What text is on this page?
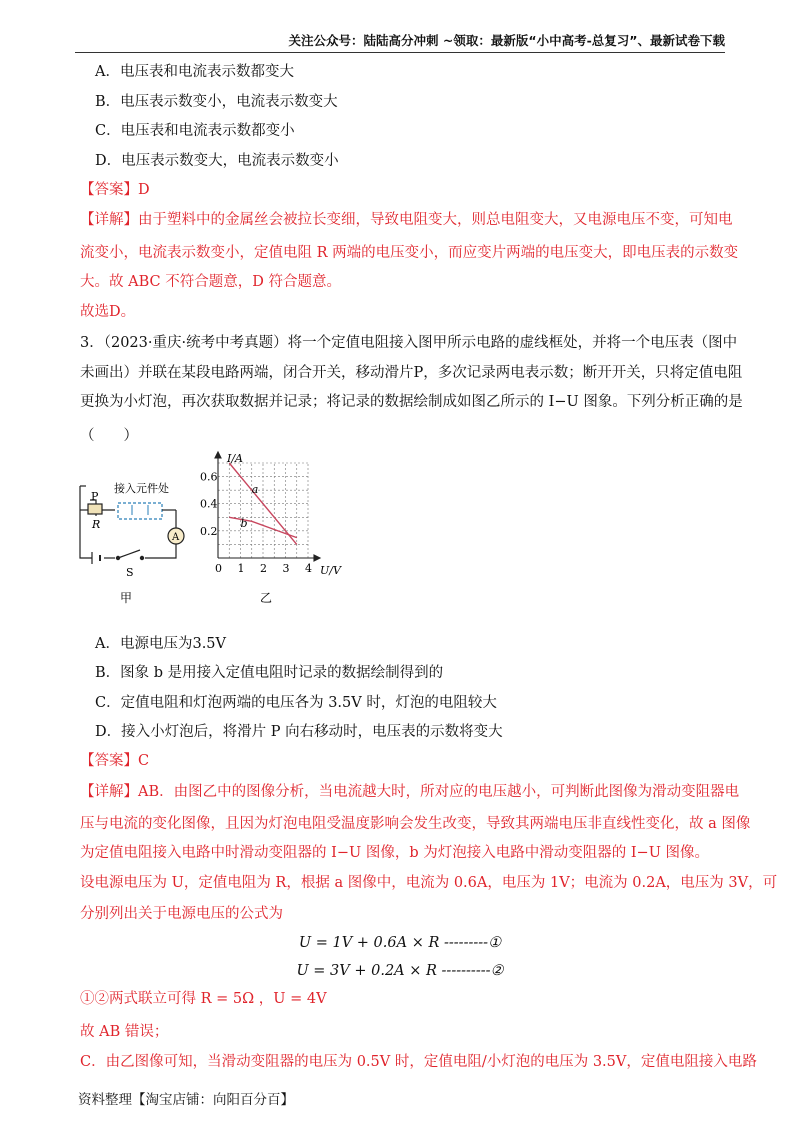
关注公众号：陆陆高分冲刺 ~领取：最新版“小中高考-总复习”、最新试卷下载
A．电压表和电流表示数都变大
B．电压表示数变小，电流表示数变大
C．电压表和电流表示数都变小
D．电压表示数变大，电流表示数变小
【答案】D
【详解】由于塑料中的金属丝会被拉长变细，导致电阻变大，则总电阻变大，又电源电压不变，可知电
流变小，电流表示数变小，定值电阻 R 两端的电压变小，而应变片两端的电压变大，即电压表的示数变
大。故 ABC 不符合题意，D 符合题意。
故选D。
3．（2023·重庆·统考中考真题）将一个定值电阻接入图甲所示电路的虚线框处，并将一个电压表（图中
未画出）并联在某段电路两端，闭合开关，移动滑片P，多次记录两电表示数；断开开关，只将定值电阻
更换为小灯泡，再次获取数据并记录；将记录的数据绘制成如图乙所示的 I−U 图象。下列分析正确的是
（　　）
P
R
接入元件处
A
S
甲
0.6
0.4
0.2
0 1 2 3 4
a
b
I/A
U/V
乙
A．电源电压为3.5V
B．图象 b 是用接入定值电阻时记录的数据绘制得到的
C．定值电阻和灯泡两端的电压各为 3.5V 时，灯泡的电阻较大
D．接入小灯泡后，将滑片 P 向右移动时，电压表的示数将变大
【答案】C
【详解】AB．由图乙中的图像分析，当电流越大时，所对应的电压越小，可判断此图像为滑动变阻器电
压与电流的变化图像，且因为灯泡电阻受温度影响会发生改变，导致其两端电压非直线性变化，故 a 图像
为定值电阻接入电路中时滑动变阻器的 I−U 图像，b 为灯泡接入电路中滑动变阻器的 I−U 图像。
设电源电压为 U，定值电阻为 R，根据 a 图像中，电流为 0.6A，电压为 1V；电流为 0.2A，电压为 3V，可
分别列出关于电源电压的公式为
U = 1V + 0.6A × R ---------①
U = 3V + 0.2A × R ----------②
①②两式联立可得 R = 5Ω ，U = 4V
故 AB 错误；
C．由乙图像可知，当滑动变阻器的电压为 0.5V 时，定值电阻/小灯泡的电压为 3.5V，定值电阻接入电路
资料整理【淘宝店铺：向阳百分百】
